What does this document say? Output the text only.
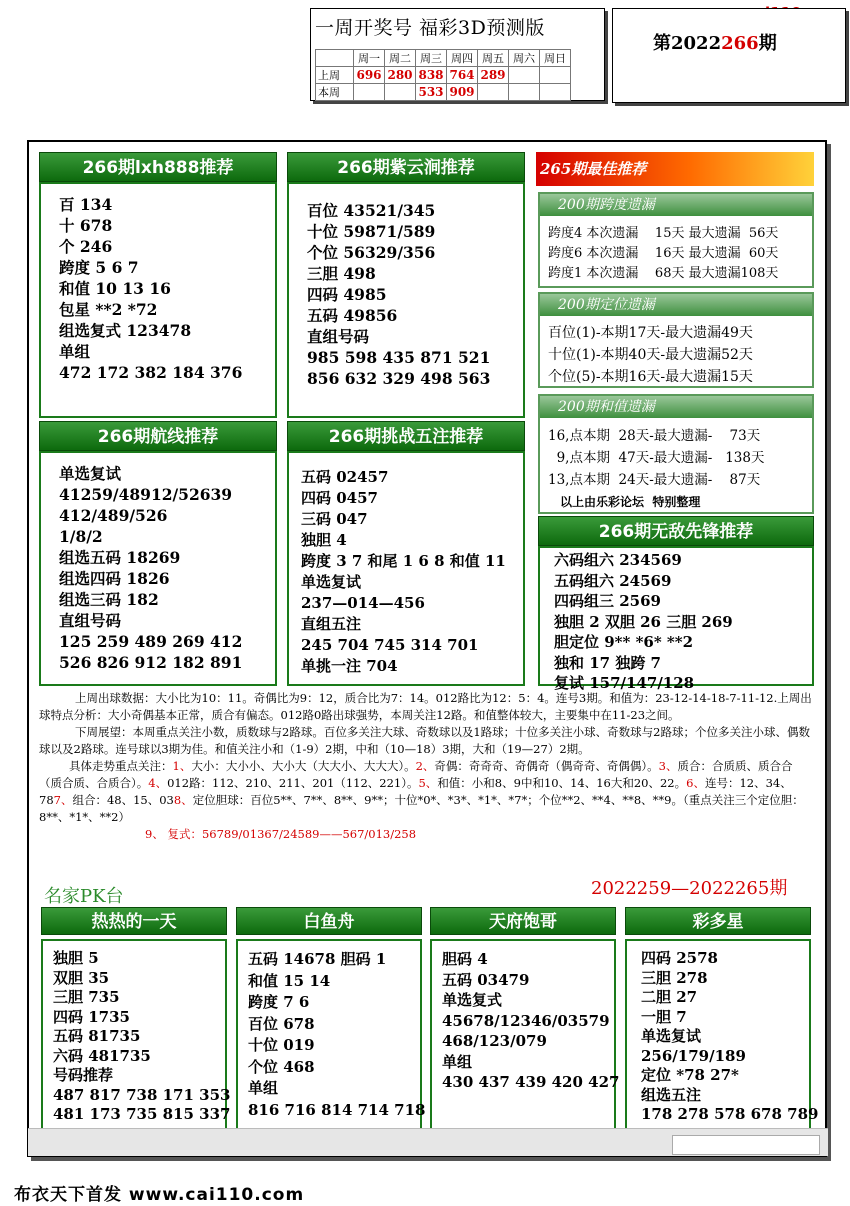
一周开奖号 福彩3D预测版
	周一	周二	周三	周四	周五	周六	周日
上周	696	280	838	764	289		
本周			533	909			
第2022266期
266期lxh888推荐
百 134
十 678
个 246
跨度 5 6 7
和值 10 13 16
包星 **2 *72
组选复式 123478
单组
472 172 382 184 376
266期紫云涧推荐
百位 43521/345
十位 59871/589
个位 56329/356
三胆 498
四码 4985
五码 49856
直组号码
985 598 435 871 521
856 632 329 498 563
266期航线推荐
单选复试
41259/48912/52639
412/489/526
1/8/2
组选五码 18269
组选四码 1826
组选三码 182
直组号码
125 259 489 269 412
526 826 912 182 891
266期挑战五注推荐
五码 02457
四码 0457
三码 047
独胆 4
跨度 3 7 和尾 1 6 8 和值 11
单选复试
237—014—456
直组五注
245 704 745 314 701
单挑一注 704
265期最佳推荐
200期跨度遗漏
跨度4 本次遗漏    15天 最大遗漏  56天
跨度6 本次遗漏    16天 最大遗漏  60天
跨度1 本次遗漏    68天 最大遗漏108天
200期定位遗漏
百位(1)-本期17天-最大遗漏49天
十位(1)-本期40天-最大遗漏52天
个位(5)-本期16天-最大遗漏15天
200期和值遗漏
16,点本期  28天-最大遗漏-    73天
9,点本期  47天-最大遗漏-   138天
13,点本期  24天-最大遗漏-    87天
以上由乐彩论坛  特别整理
266期无敌先锋推荐
六码组六 234569
五码组六 24569
四码组三 2569
独胆 2 双胆 26 三胆 269
胆定位 9** *6* **2
独和 17 独跨 7
复试 157/147/128

上周出球数据：大小比为10：11。奇偶比为9：12，质合比为7：14。012路比为12：5：4。连号3期。和值为：23-12-14-18-7-11-12.上周出球特点分析：大小奇偶基本正常，质合有偏态。012路0路出球强势，本周关注12路。和值整体较大，主要集中在11-23之间。

下周展望：本周重点关注小数，质数球与2路球。百位多关注大球、奇数球以及1路球；十位多关注小球、奇数球与2路球；个位多关注小球、偶数球以及2路球。连号球以3期为佳。和值关注小和（1-9）2期，中和（10—18）3期，大和（19—27）2期。

具体走势重点关注：1、大小：大小小、大小大（大大小、大大大）。2、奇偶：奇奇奇、奇偶奇（偶奇奇、奇偶偶）。3、质合：合质质、质合合（质合质、合质合）。4、012路：112、210、211、201（112、221）。5、和值：小和8、9中和10、14、16大和20、22。6、连号：12、34、787、组合：48、15、038、定位胆球：百位5**、7**、8**、9**；十位*0*、*3*、*1*、*7*；个位**2、**4、**8、**9。（重点关注三个定位胆：8**、*1*、**2）

9、 复式：56789/01367/24589——567/013/258

名家PK台	2022259—2022265期
热热的一天
独胆 5
双胆 35
三胆 735
四码 1735
五码 81735
六码 481735
号码推荐
487 817 738 171 353
481 173 735 815 337
白鱼舟
五码 14678 胆码 1
和值 15 14
跨度 7 6
百位 678
十位 019
个位 468
单组
816 716 814 714 718
天府饱哥
胆码 4
五码 03479
单选复式
45678/12346/03579
468/123/079
单组
430 437 439 420 427
彩多星
四码 2578
三胆 278
二胆 27
一胆 7
单选复试
256/179/189
定位 *78 27*
组选五注
178 278 578 678 789
布衣天下首发 www.cai110.com
